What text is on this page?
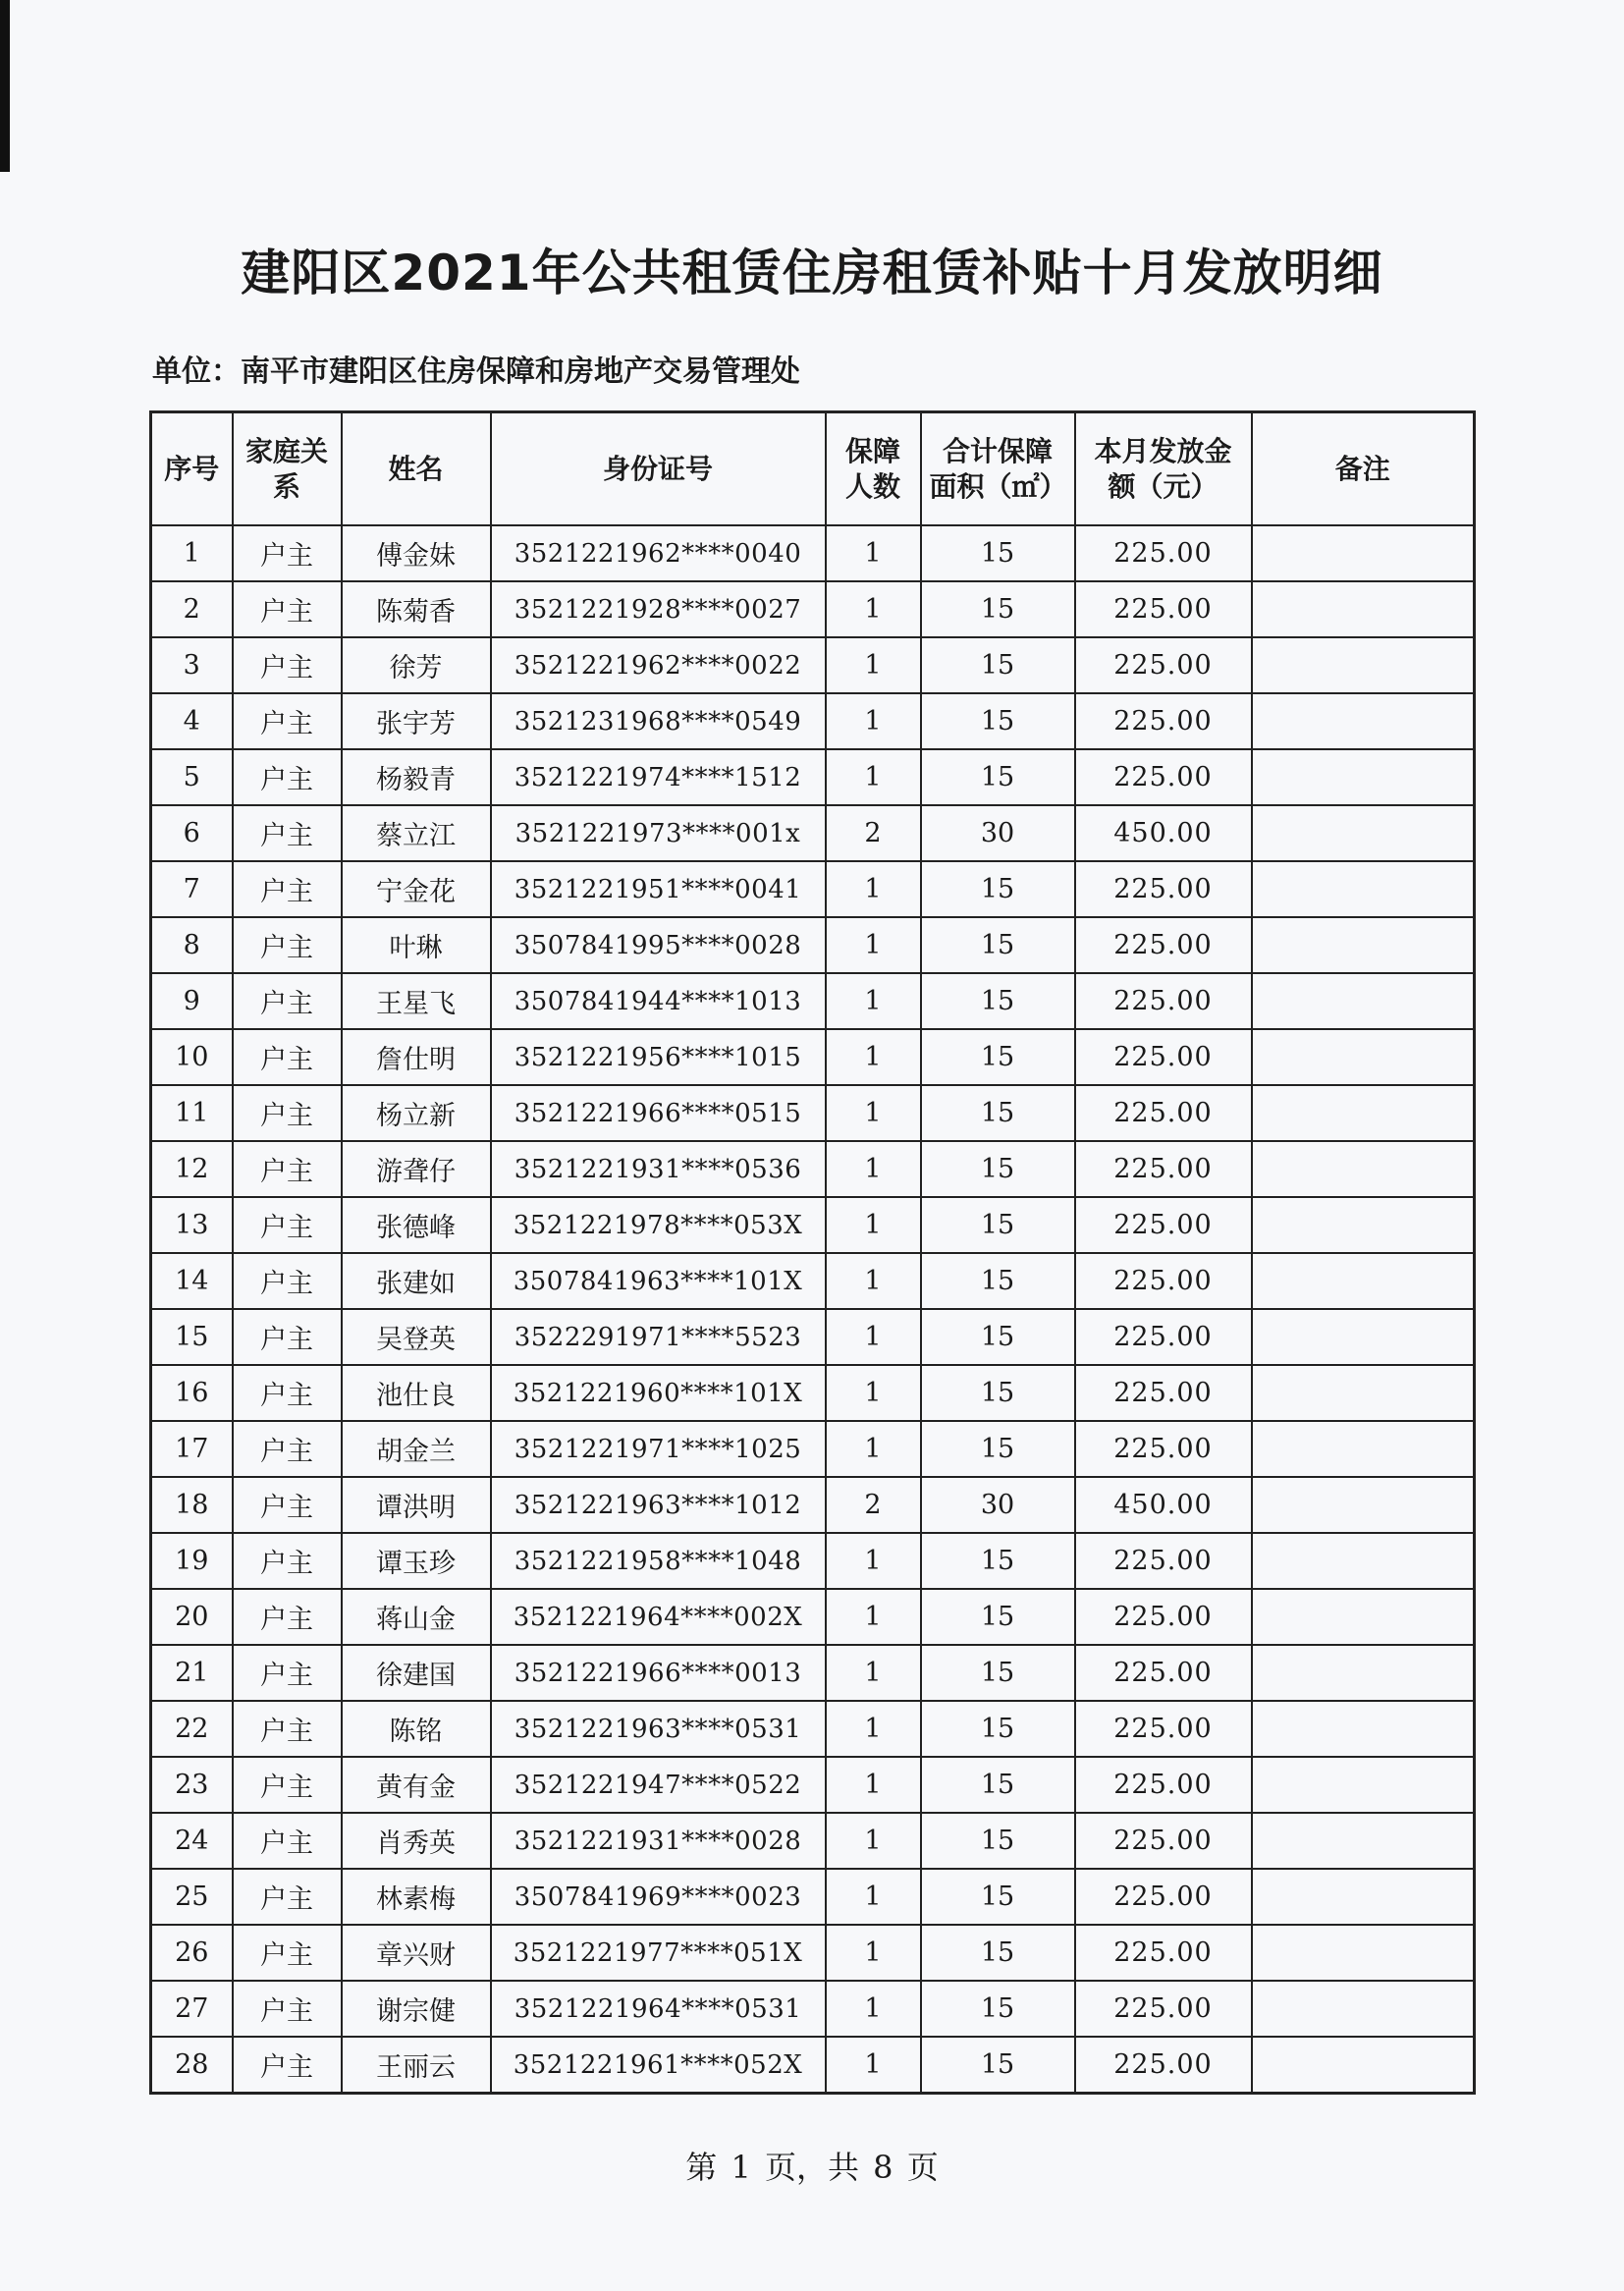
建阳区2021年公共租赁住房租赁补贴十月发放明细
单位：南平市建阳区住房保障和房地产交易管理处
序号	家庭关系	姓名	身份证号	保障人数	合计保障面积（㎡）	本月发放金额（元）	备注
1	户主	傅金妹	3521221962****0040	1	15	225.00	
2	户主	陈菊香	3521221928****0027	1	15	225.00	
3	户主	徐芳	3521221962****0022	1	15	225.00	
4	户主	张宇芳	3521231968****0549	1	15	225.00	
5	户主	杨毅青	3521221974****1512	1	15	225.00	
6	户主	蔡立江	3521221973****001x	2	30	450.00	
7	户主	宁金花	3521221951****0041	1	15	225.00	
8	户主	叶琳	3507841995****0028	1	15	225.00	
9	户主	王星飞	3507841944****1013	1	15	225.00	
10	户主	詹仕明	3521221956****1015	1	15	225.00	
11	户主	杨立新	3521221966****0515	1	15	225.00	
12	户主	游聋仔	3521221931****0536	1	15	225.00	
13	户主	张德峰	3521221978****053X	1	15	225.00	
14	户主	张建如	3507841963****101X	1	15	225.00	
15	户主	吴登英	3522291971****5523	1	15	225.00	
16	户主	池仕良	3521221960****101X	1	15	225.00	
17	户主	胡金兰	3521221971****1025	1	15	225.00	
18	户主	谭洪明	3521221963****1012	2	30	450.00	
19	户主	谭玉珍	3521221958****1048	1	15	225.00	
20	户主	蒋山金	3521221964****002X	1	15	225.00	
21	户主	徐建国	3521221966****0013	1	15	225.00	
22	户主	陈铭	3521221963****0531	1	15	225.00	
23	户主	黄有金	3521221947****0522	1	15	225.00	
24	户主	肖秀英	3521221931****0028	1	15	225.00	
25	户主	林素梅	3507841969****0023	1	15	225.00	
26	户主	章兴财	3521221977****051X	1	15	225.00	
27	户主	谢宗健	3521221964****0531	1	15	225.00	
28	户主	王丽云	3521221961****052X	1	15	225.00	
第 1 页，共 8 页
